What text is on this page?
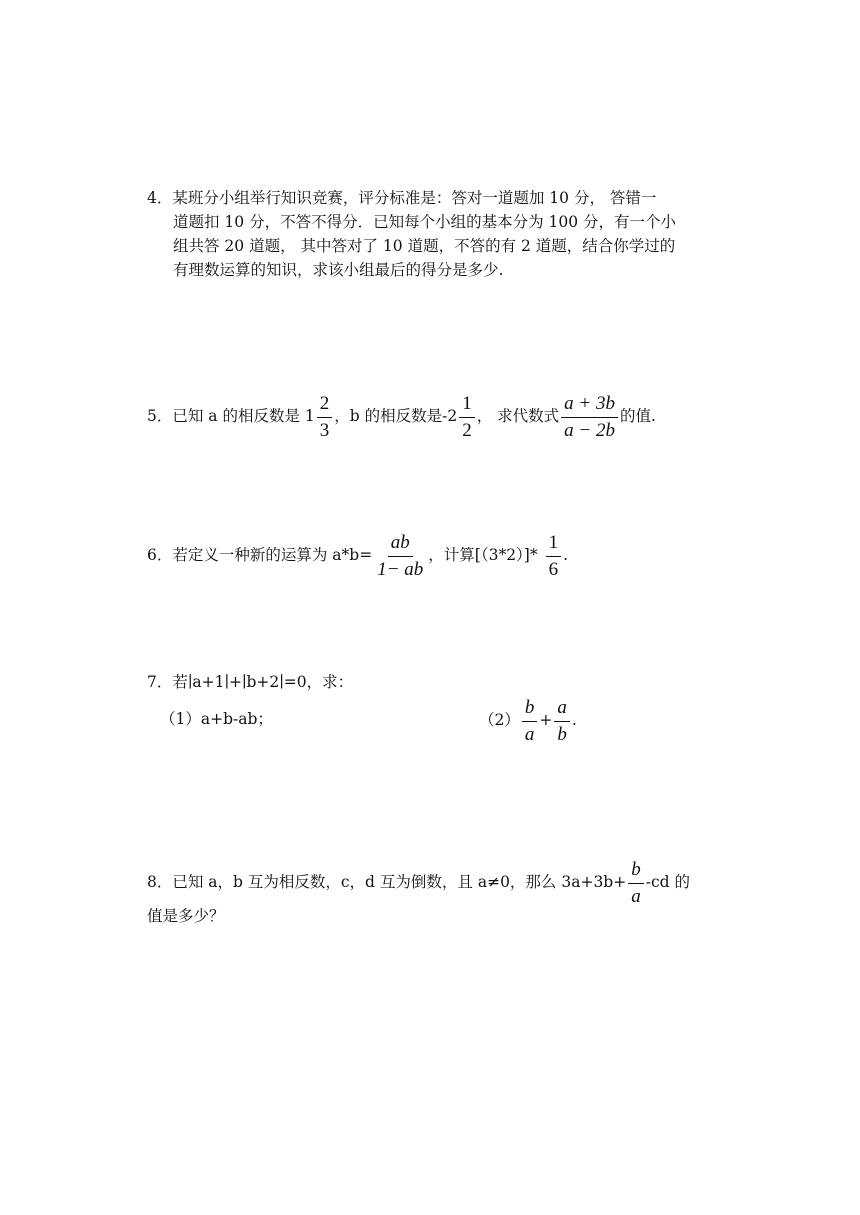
4．某班分小组举行知识竞赛，评分标准是：答对一道题加 10 分， 答错一
道题扣 10 分，不答不得分．已知每个小组的基本分为 100 分，有一个小
组共答 20 道题， 其中答对了 10 道题，不答的有 2 道题，结合你学过的
有理数运算的知识，求该小组最后的得分是多少.
5．已知 a 的相反数是 $1 \frac{2}{3}$ ，b 的相反数是$-2 \frac{1}{2}$ ， 求代数式 $\frac{a + 3b}{a - 2b}$ 的值.
6．若定义一种新的运算为 $a*b= \frac{ab}{1- ab}$ ，计算$[(3*2)]* \frac{1}{6}$ .
7．若∣a+1∣+∣b+2∣=0，求：
（1）a+b-ab；	$(2) \frac{b}{a} + \frac{a}{b}$ .
8．已知 a，b 互为相反数，c，d 互为倒数，且 a≠0，那么 $3a+3b+ \frac{b}{a} -cd$ 的
值是多少？
